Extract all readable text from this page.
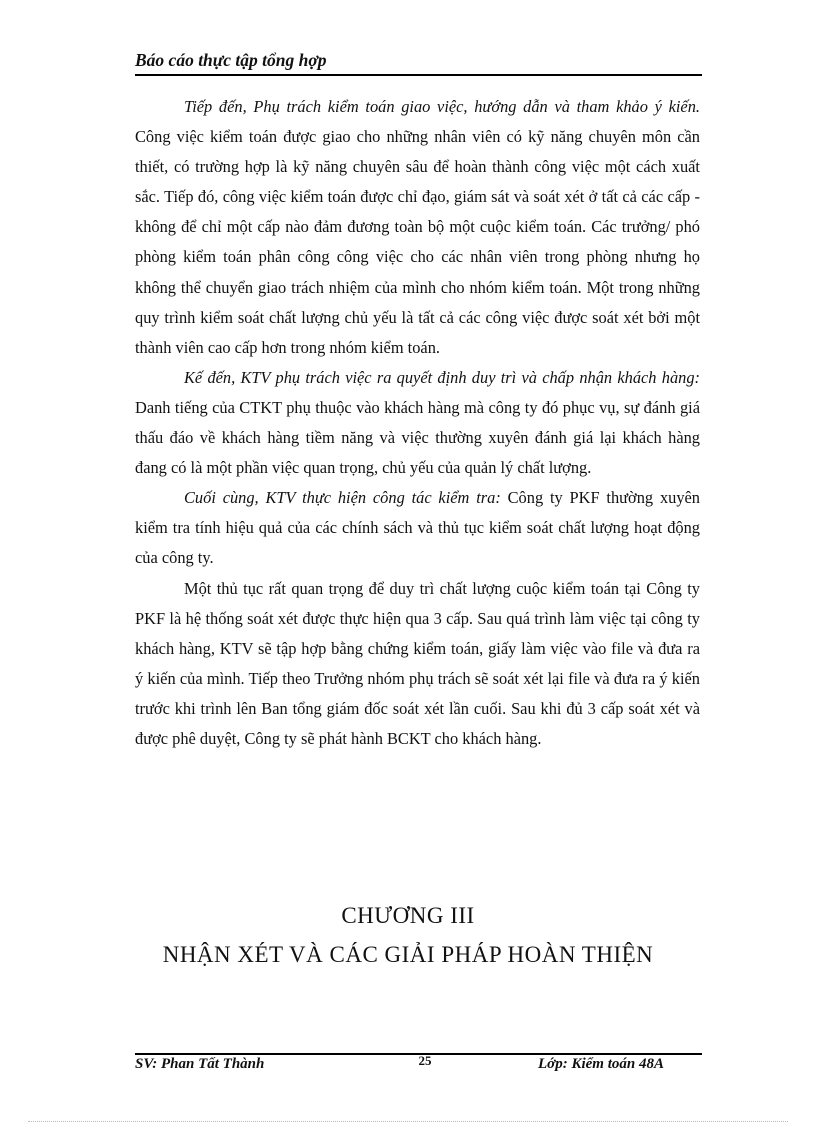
Báo cáo thực tập tổng hợp

Tiếp đến, Phụ trách kiểm toán giao việc, hướng dẫn và tham khảo ý kiến. Công việc kiểm toán được giao cho những nhân viên có kỹ năng chuyên môn cần thiết, có trường hợp là kỹ năng chuyên sâu để hoàn thành công việc một cách xuất sắc. Tiếp đó, công việc kiểm toán được chỉ đạo, giám sát và soát xét ở tất cả các cấp - không để chỉ một cấp nào đảm đương toàn bộ một cuộc kiểm toán. Các trưởng/ phó phòng kiểm toán phân công công việc cho các nhân viên trong phòng nhưng họ không thể chuyển giao trách nhiệm của mình cho nhóm kiểm toán. Một trong những quy trình kiểm soát chất lượng chủ yếu là tất cả các công việc được soát xét bởi một thành viên cao cấp hơn trong nhóm kiểm toán.

Kế đến, KTV phụ trách việc ra quyết định duy trì và chấp nhận khách hàng: Danh tiếng của CTKT phụ thuộc vào khách hàng mà công ty đó phục vụ, sự đánh giá thấu đáo về khách hàng tiềm năng và việc thường xuyên đánh giá lại khách hàng đang có là một phần việc quan trọng, chủ yếu của quản lý chất lượng.

Cuối cùng, KTV thực hiện công tác kiểm tra: Công ty PKF thường xuyên kiểm tra tính hiệu quả của các chính sách và thủ tục kiểm soát chất lượng hoạt động của công ty.

Một thủ tục rất quan trọng để duy trì chất lượng cuộc kiểm toán tại Công ty PKF là hệ thống soát xét được thực hiện qua 3 cấp. Sau quá trình làm việc tại công ty khách hàng, KTV sẽ tập hợp bằng chứng kiểm toán, giấy làm việc vào file và đưa ra ý kiến của mình. Tiếp theo Trưởng nhóm phụ trách sẽ soát xét lại file và đưa ra ý kiến trước khi trình lên Ban tổng giám đốc soát xét lần cuối. Sau khi đủ 3 cấp soát xét và được phê duyệt, Công ty sẽ phát hành BCKT cho khách hàng.

CHƯƠNG III
NHẬN XÉT VÀ CÁC GIẢI PHÁP HOÀN THIỆN
SV: Phan Tất Thành	25	Lớp: Kiểm toán 48A
